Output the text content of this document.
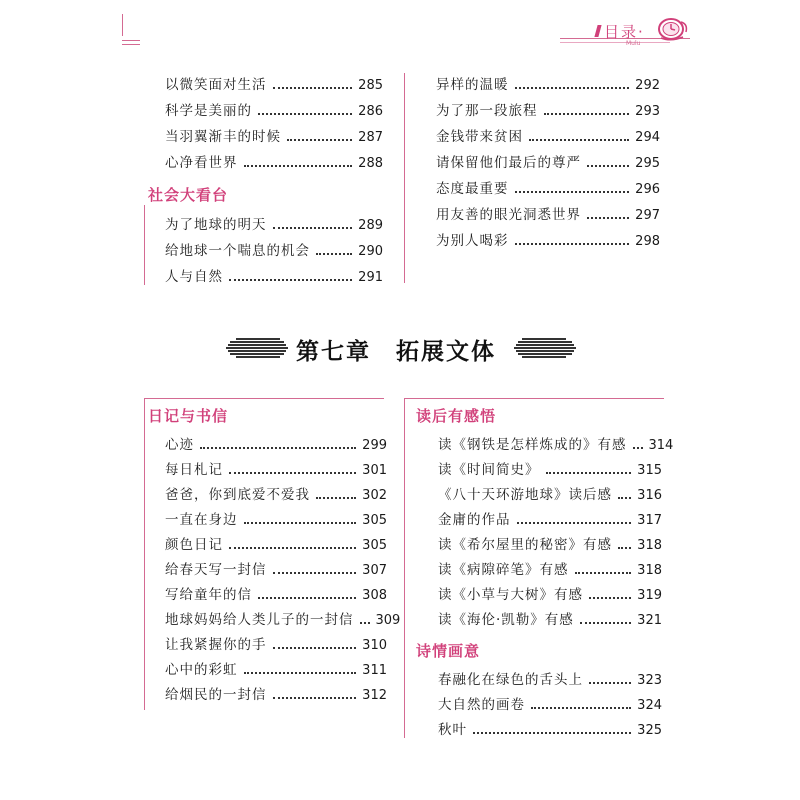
目录·
Mulu
以微笑面对生活	285
科学是美丽的	286
当羽翼渐丰的时候	287
心净看世界	288
社会大看台
为了地球的明天	289
给地球一个喘息的机会	290
人与自然	291
异样的温暖	292
为了那一段旅程	293
金钱带来贫困	294
请保留他们最后的尊严	295
态度最重要	296
用友善的眼光洞悉世界	297
为别人喝彩	298
第七章　拓展文体
日记与书信
心迹	299
每日札记	301
爸爸，你到底爱不爱我	302
一直在身边	305
颜色日记	305
给春天写一封信	307
写给童年的信	308
地球妈妈给人类儿子的一封信 309
让我紧握你的手	310
心中的彩虹	311
给烟民的一封信	312
读后有感悟
读《钢铁是怎样炼成的》有感 314
读《时间简史》	315
《八十天环游地球》读后感 316
金庸的作品	317
读《希尔屋里的秘密》有感 318
读《病隙碎笔》有感	318
读《小草与大树》有感	319
读《海伦·凯勒》有感	321
诗情画意
春融化在绿色的舌头上	323
大自然的画卷	324
秋叶	325
